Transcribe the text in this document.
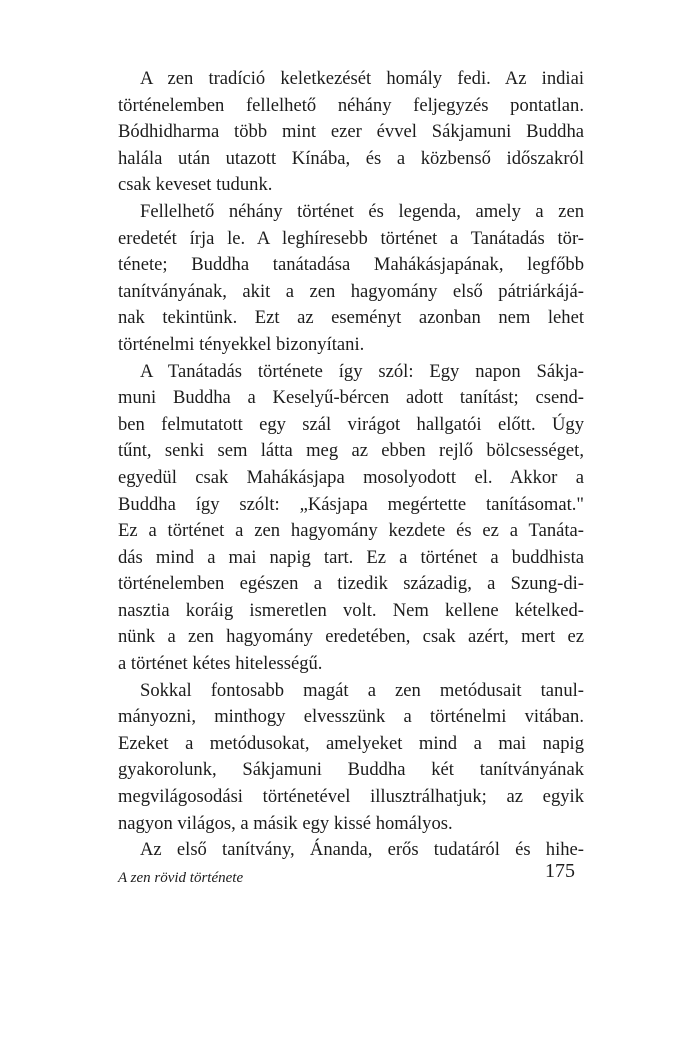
A zen tradíció keletkezését homály fedi. Az indiai
történelemben fellelhető néhány feljegyzés pontatlan.
Bódhidharma több mint ezer évvel Sákjamuni Buddha
halála után utazott Kínába, és a közbenső időszakról
csak keveset tudunk.
Fellelhető néhány történet és legenda, amely a zen
eredetét írja le. A leghíresebb történet a Tanátadás tör-
ténete; Buddha tanátadása Mahákásjapának, legfőbb
tanítványának, akit a zen hagyomány első pátriárkájá-
nak tekintünk. Ezt az eseményt azonban nem lehet
történelmi tényekkel bizonyítani.
A Tanátadás története így szól: Egy napon Sákja-
muni Buddha a Keselyű-bércen adott tanítást; csend-
ben felmutatott egy szál virágot hallgatói előtt. Úgy
tűnt, senki sem látta meg az ebben rejlő bölcsességet,
egyedül csak Mahákásjapa mosolyodott el. Akkor a
Buddha így szólt: „Kásjapa megértette tanításomat."
Ez a történet a zen hagyomány kezdete és ez a Tanáta-
dás mind a mai napig tart. Ez a történet a buddhista
történelemben egészen a tizedik századig, a Szung-di-
nasztia koráig ismeretlen volt. Nem kellene kételked-
nünk a zen hagyomány eredetében, csak azért, mert ez
a történet kétes hitelességű.
Sokkal fontosabb magát a zen metódusait tanul-
mányozni, minthogy elvesszünk a történelmi vitában.
Ezeket a metódusokat, amelyeket mind a mai napig
gyakorolunk, Sákjamuni Buddha két tanítványának
megvilágosodási történetével illusztrálhatjuk; az egyik
nagyon világos, a másik egy kissé homályos.
Az első tanítvány, Ánanda, erős tudatáról és hihe-
A zen rövid története	175
